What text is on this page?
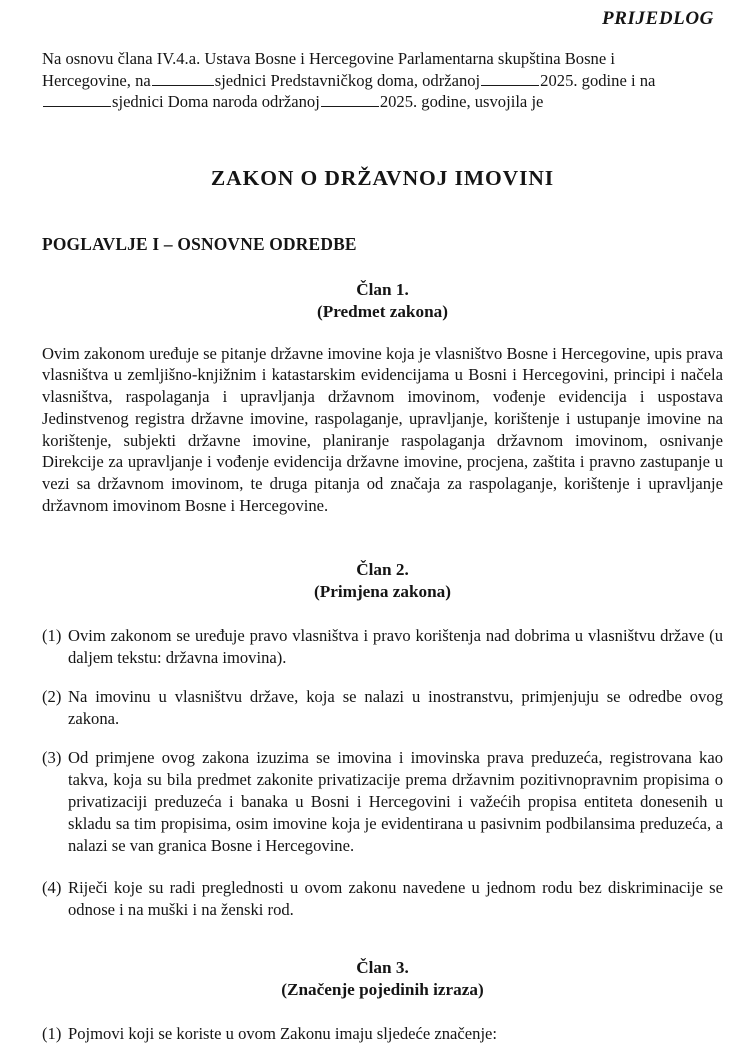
PRIJEDLOG
Na osnovu člana IV.4.a. Ustava Bosne i Hercegovine Parlamentarna skupština Bosne i
Hercegovine, na	sjednici Predstavničkog doma, održanoj	2025. godine i na
sjednici Doma naroda održanoj	2025. godine, usvojila je
ZAKON O DRŽAVNOJ IMOVINI
POGLAVLJE I – OSNOVNE ODREDBE
Član 1.
(Predmet zakona)
Ovim zakonom uređuje se pitanje državne imovine koja je vlasništvo Bosne i Hercegovine, upis prava vlasništva u zemljišno-knjižnim i katastarskim evidencijama u Bosni i Hercegovini, principi i načela vlasništva, raspolaganja i upravljanja državnom imovinom, vođenje evidencija i uspostava Jedinstvenog registra državne imovine, raspolaganje, upravljanje, korištenje i ustupanje imovine na korištenje, subjekti državne imovine, planiranje raspolaganja državnom imovinom, osnivanje Direkcije za upravljanje i vođenje evidencija državne imovine, procjena, zaštita i pravno zastupanje u vezi sa državnom imovinom, te druga pitanja od značaja za raspolaganje, korištenje i upravljanje državnom imovinom Bosne i Hercegovine.
Član 2.
(Primjena zakona)
(1) Ovim zakonom se uređuje pravo vlasništva i pravo korištenja nad dobrima u vlasništvu države (u daljem tekstu: državna imovina).
(2) Na imovinu u vlasništvu države, koja se nalazi u inostranstvu, primjenjuju se odredbe ovog zakona.
(3) Od primjene ovog zakona izuzima se imovina i imovinska prava preduzeća, registrovana kao takva, koja su bila predmet zakonite privatizacije prema državnim pozitivnopravnim propisima o privatizaciji preduzeća i banaka u Bosni i Hercegovini i važećih propisa entiteta donesenih u skladu sa tim propisima, osim imovine koja je evidentirana u pasivnim podbilansima preduzeća, a nalazi se van granica Bosne i Hercegovine.
(4) Riječi koje su radi preglednosti u ovom zakonu navedene u jednom rodu bez diskriminacije se odnose i na muški i na ženski rod.
Član 3.
(Značenje pojedinih izraza)
(1) Pojmovi koji se koriste u ovom Zakonu imaju sljedeće značenje:
